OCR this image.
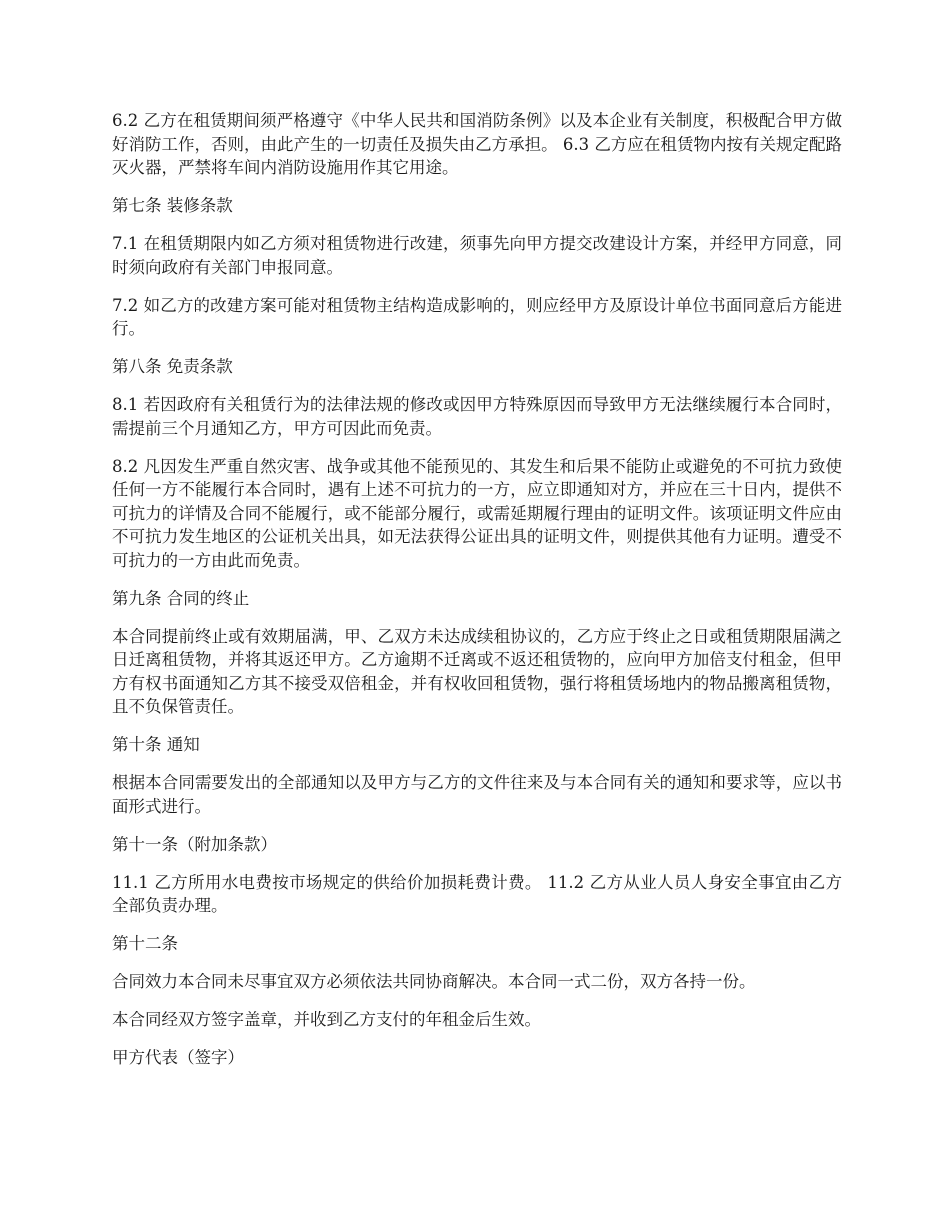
6.2 乙方在租赁期间须严格遵守《中华人民共和国消防条例》以及本企业有关制度，积极配合甲方做好消防工作，否则，由此产生的一切责任及损失由乙方承担。 6.3 乙方应在租赁物内按有关规定配路灭火器，严禁将车间内消防设施用作其它用途。

第七条 装修条款

7.1 在租赁期限内如乙方须对租赁物进行改建，须事先向甲方提交改建设计方案，并经甲方同意，同时须向政府有关部门申报同意。

7.2 如乙方的改建方案可能对租赁物主结构造成影响的，则应经甲方及原设计单位书面同意后方能进行。

第八条 免责条款

8.1 若因政府有关租赁行为的法律法规的修改或因甲方特殊原因而导致甲方无法继续履行本合同时，需提前三个月通知乙方，甲方可因此而免责。

8.2 凡因发生严重自然灾害、战争或其他不能预见的、其发生和后果不能防止或避免的不可抗力致使任何一方不能履行本合同时，遇有上述不可抗力的一方，应立即通知对方，并应在三十日内，提供不可抗力的详情及合同不能履行，或不能部分履行，或需延期履行理由的证明文件。该项证明文件应由不可抗力发生地区的公证机关出具，如无法获得公证出具的证明文件，则提供其他有力证明。遭受不可抗力的一方由此而免责。

第九条 合同的终止

本合同提前终止或有效期届满，甲、乙双方未达成续租协议的，乙方应于终止之日或租赁期限届满之日迁离租赁物，并将其返还甲方。乙方逾期不迁离或不返还租赁物的，应向甲方加倍支付租金，但甲方有权书面通知乙方其不接受双倍租金，并有权收回租赁物，强行将租赁场地内的物品搬离租赁物，且不负保管责任。

第十条 通知

根据本合同需要发出的全部通知以及甲方与乙方的文件往来及与本合同有关的通知和要求等，应以书面形式进行。

第十一条（附加条款）

11.1 乙方所用水电费按市场规定的供给价加损耗费计费。 11.2 乙方从业人员人身安全事宜由乙方全部负责办理。

第十二条

合同效力本合同未尽事宜双方必须依法共同协商解决。本合同一式二份，双方各持一份。

本合同经双方签字盖章，并收到乙方支付的年租金后生效。

甲方代表（签字）
